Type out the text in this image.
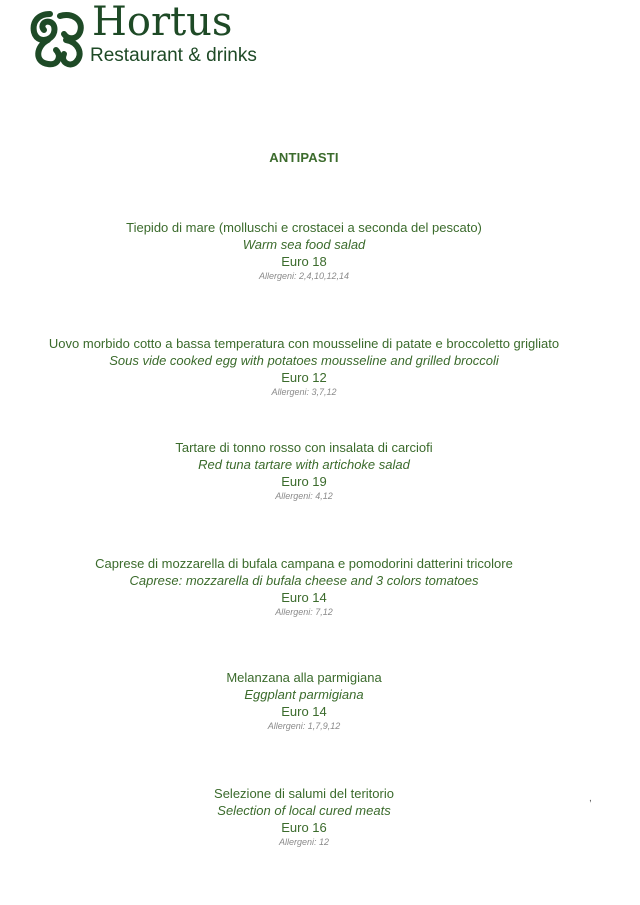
Hortus
Restaurant & drinks
ANTIPASTI
Tiepido di mare (molluschi e crostacei a seconda del pescato)
Warm sea food salad
Euro 18
Allergeni: 2,4,10,12,14
Uovo morbido cotto a bassa temperatura con mousseline di patate e broccoletto grigliato
Sous vide cooked egg with potatoes mousseline and grilled broccoli
Euro 12
Allergeni: 3,7,12
Tartare di tonno rosso con insalata di carciofi
Red tuna tartare with artichoke salad
Euro 19
Allergeni: 4,12
Caprese di mozzarella di bufala campana e pomodorini datterini tricolore
Caprese: mozzarella di bufala cheese and 3 colors tomatoes
Euro 14
Allergeni: 7,12
Melanzana alla parmigiana
Eggplant parmigiana
Euro 14
Allergeni: 1,7,9,12
Selezione di salumi del teritorio
Selection of local cured meats
Euro 16
Allergeni: 12
,
